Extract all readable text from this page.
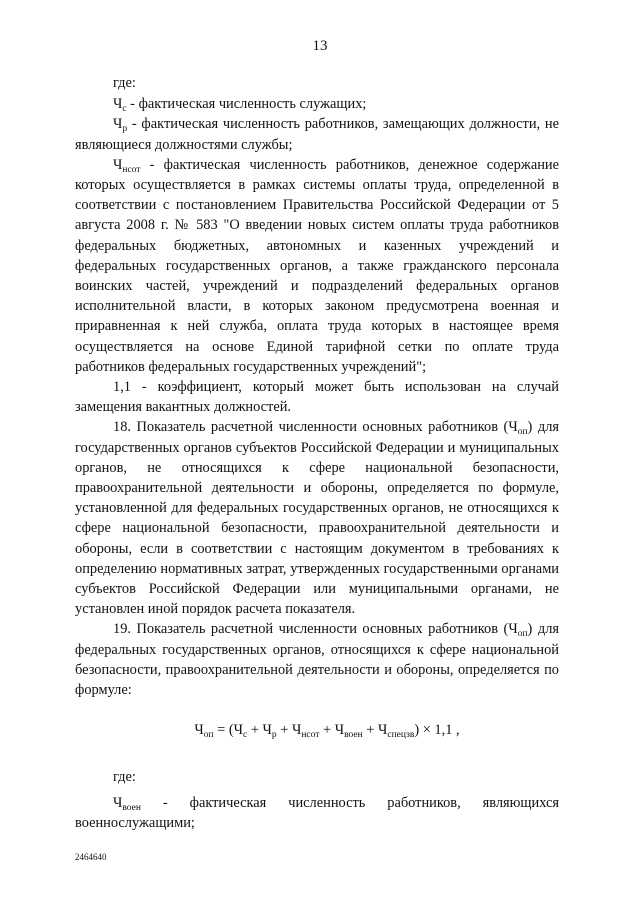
13

где:

$Ч_с$ - фактическая численность служащих;

$Ч_р$ - фактическая численность работников, замещающих должности, не являющиеся должностями службы;

$Ч_{нсот}$ - фактическая численность работников, денежное содержание которых осуществляется в рамках системы оплаты труда, определенной в соответствии с постановлением Правительства Российской Федерации от 5 августа 2008 г. № 583 "О введении новых систем оплаты труда работников федеральных бюджетных, автономных и казенных учреждений и федеральных государственных органов, а также гражданского персонала воинских частей, учреждений и подразделений федеральных органов исполнительной власти, в которых законом предусмотрена военная и приравненная к ней служба, оплата труда которых в настоящее время осуществляется на основе Единой тарифной сетки по оплате труда работников федеральных государственных учреждений";

1,1 - коэффициент, который может быть использован на случай замещения вакантных должностей.

18. Показатель расчетной численности основных работников $(Ч_{оп})$ для государственных органов субъектов Российской Федерации и муниципальных органов, не относящихся к сфере национальной безопасности, правоохранительной деятельности и обороны, определяется по формуле, установленной для федеральных государственных органов, не относящихся к сфере национальной безопасности, правоохранительной деятельности и обороны, если в соответствии с настоящим документом в требованиях к определению нормативных затрат, утвержденных государственными органами субъектов Российской Федерации или муниципальными органами, не установлен иной порядок расчета показателя.

19. Показатель расчетной численности основных работников $(Ч_{оп})$ для федеральных государственных органов, относящихся к сфере национальной безопасности, правоохранительной деятельности и обороны, определяется по формуле:

$Ч_{оп} = (Ч_с + Ч_р + Ч_{нсот} + Ч_{воен} + Ч_{спецзв}) \times 1,1$ ,

где:

$Ч_{воен}$ - фактическая численность работников, являющихся

военнослужащими;

2464640
